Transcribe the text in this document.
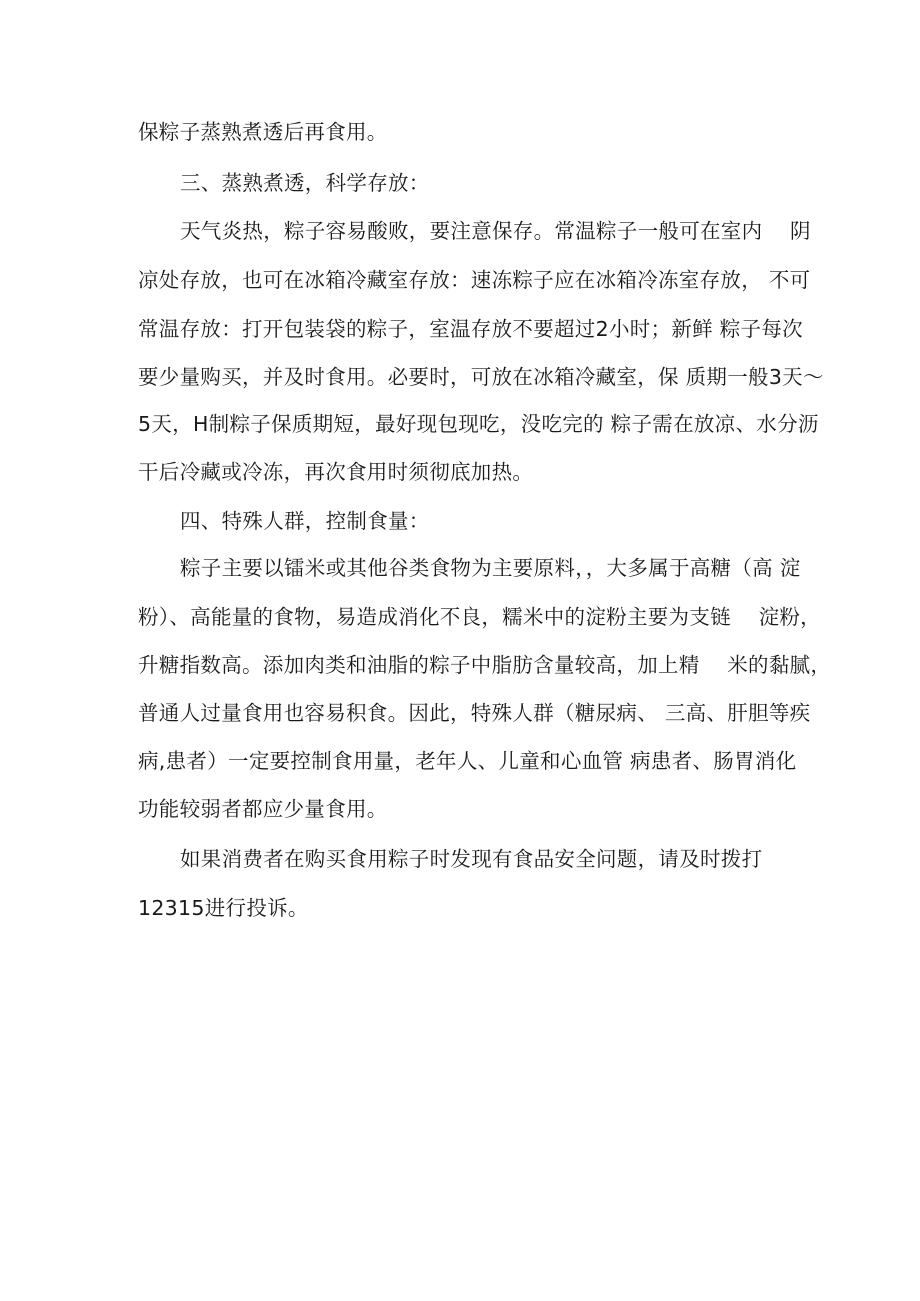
保粽子蒸熟煮透后再食用。
三、蒸熟煮透，科学存放：
天气炎热，粽子容易酸败，要注意保存。常温粽子一般可在室内　 阴
凉处存放，也可在冰箱冷藏室存放：速冻粽子应在冰箱冷冻室存放， 不可
常温存放：打开包装袋的粽子，室温存放不要超过2小时；新鲜 粽子每次
要少量购买，并及时食用。必要时，可放在冰箱冷藏室，保 质期一般3天～
5天，H制粽子保质期短，最好现包现吃，没吃完的 粽子需在放凉、水分沥
干后冷藏或冷冻，再次食用时须彻底加热。
四、特殊人群，控制食量：
粽子主要以镭米或其他谷类食物为主要原料，，大多属于高糖（高 淀
粉）、高能量的食物，易造成消化不良，糯米中的淀粉主要为支链　 淀粉，
升糖指数高。添加肉类和油脂的粽子中脂肪含量较高，加上精　 米的黏腻，
普通人过量食用也容易积食。因此，特殊人群（糖尿病、 三高、肝胆等疾
病,患者）一定要控制食用量，老年人、儿童和心血管 病患者、肠胃消化
功能较弱者都应少量食用。
如果消费者在购买食用粽子时发现有食品安全问题，请及时拨打
12315进行投诉。
